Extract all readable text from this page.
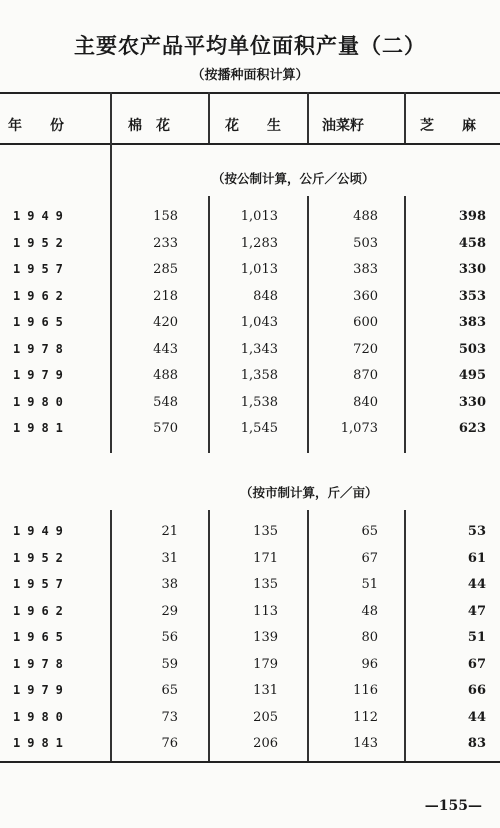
主要农产品平均单位面积产量（二）
（按播种面积计算）
年　　份	棉　花	花　　生	油菜籽	芝　　麻
（按公制计算，公斤／公顷）
（按市制计算，斤／亩）
1949	158	1,013	488	398
1952	233	1,283	503	458
1957	285	1,013	383	330
1962	218	848	360	353
1965	420	1,043	600	383
1978	443	1,343	720	503
1979	488	1,358	870	495
1980	548	1,538	840	330
1981	570	1,545	1,073	623
1949	21	135	65	53
1952	31	171	67	61
1957	38	135	51	44
1962	29	113	48	47
1965	56	139	80	51
1978	59	179	96	67
1979	65	131	116	66
1980	73	205	112	44
1981	76	206	143	83
—155—
